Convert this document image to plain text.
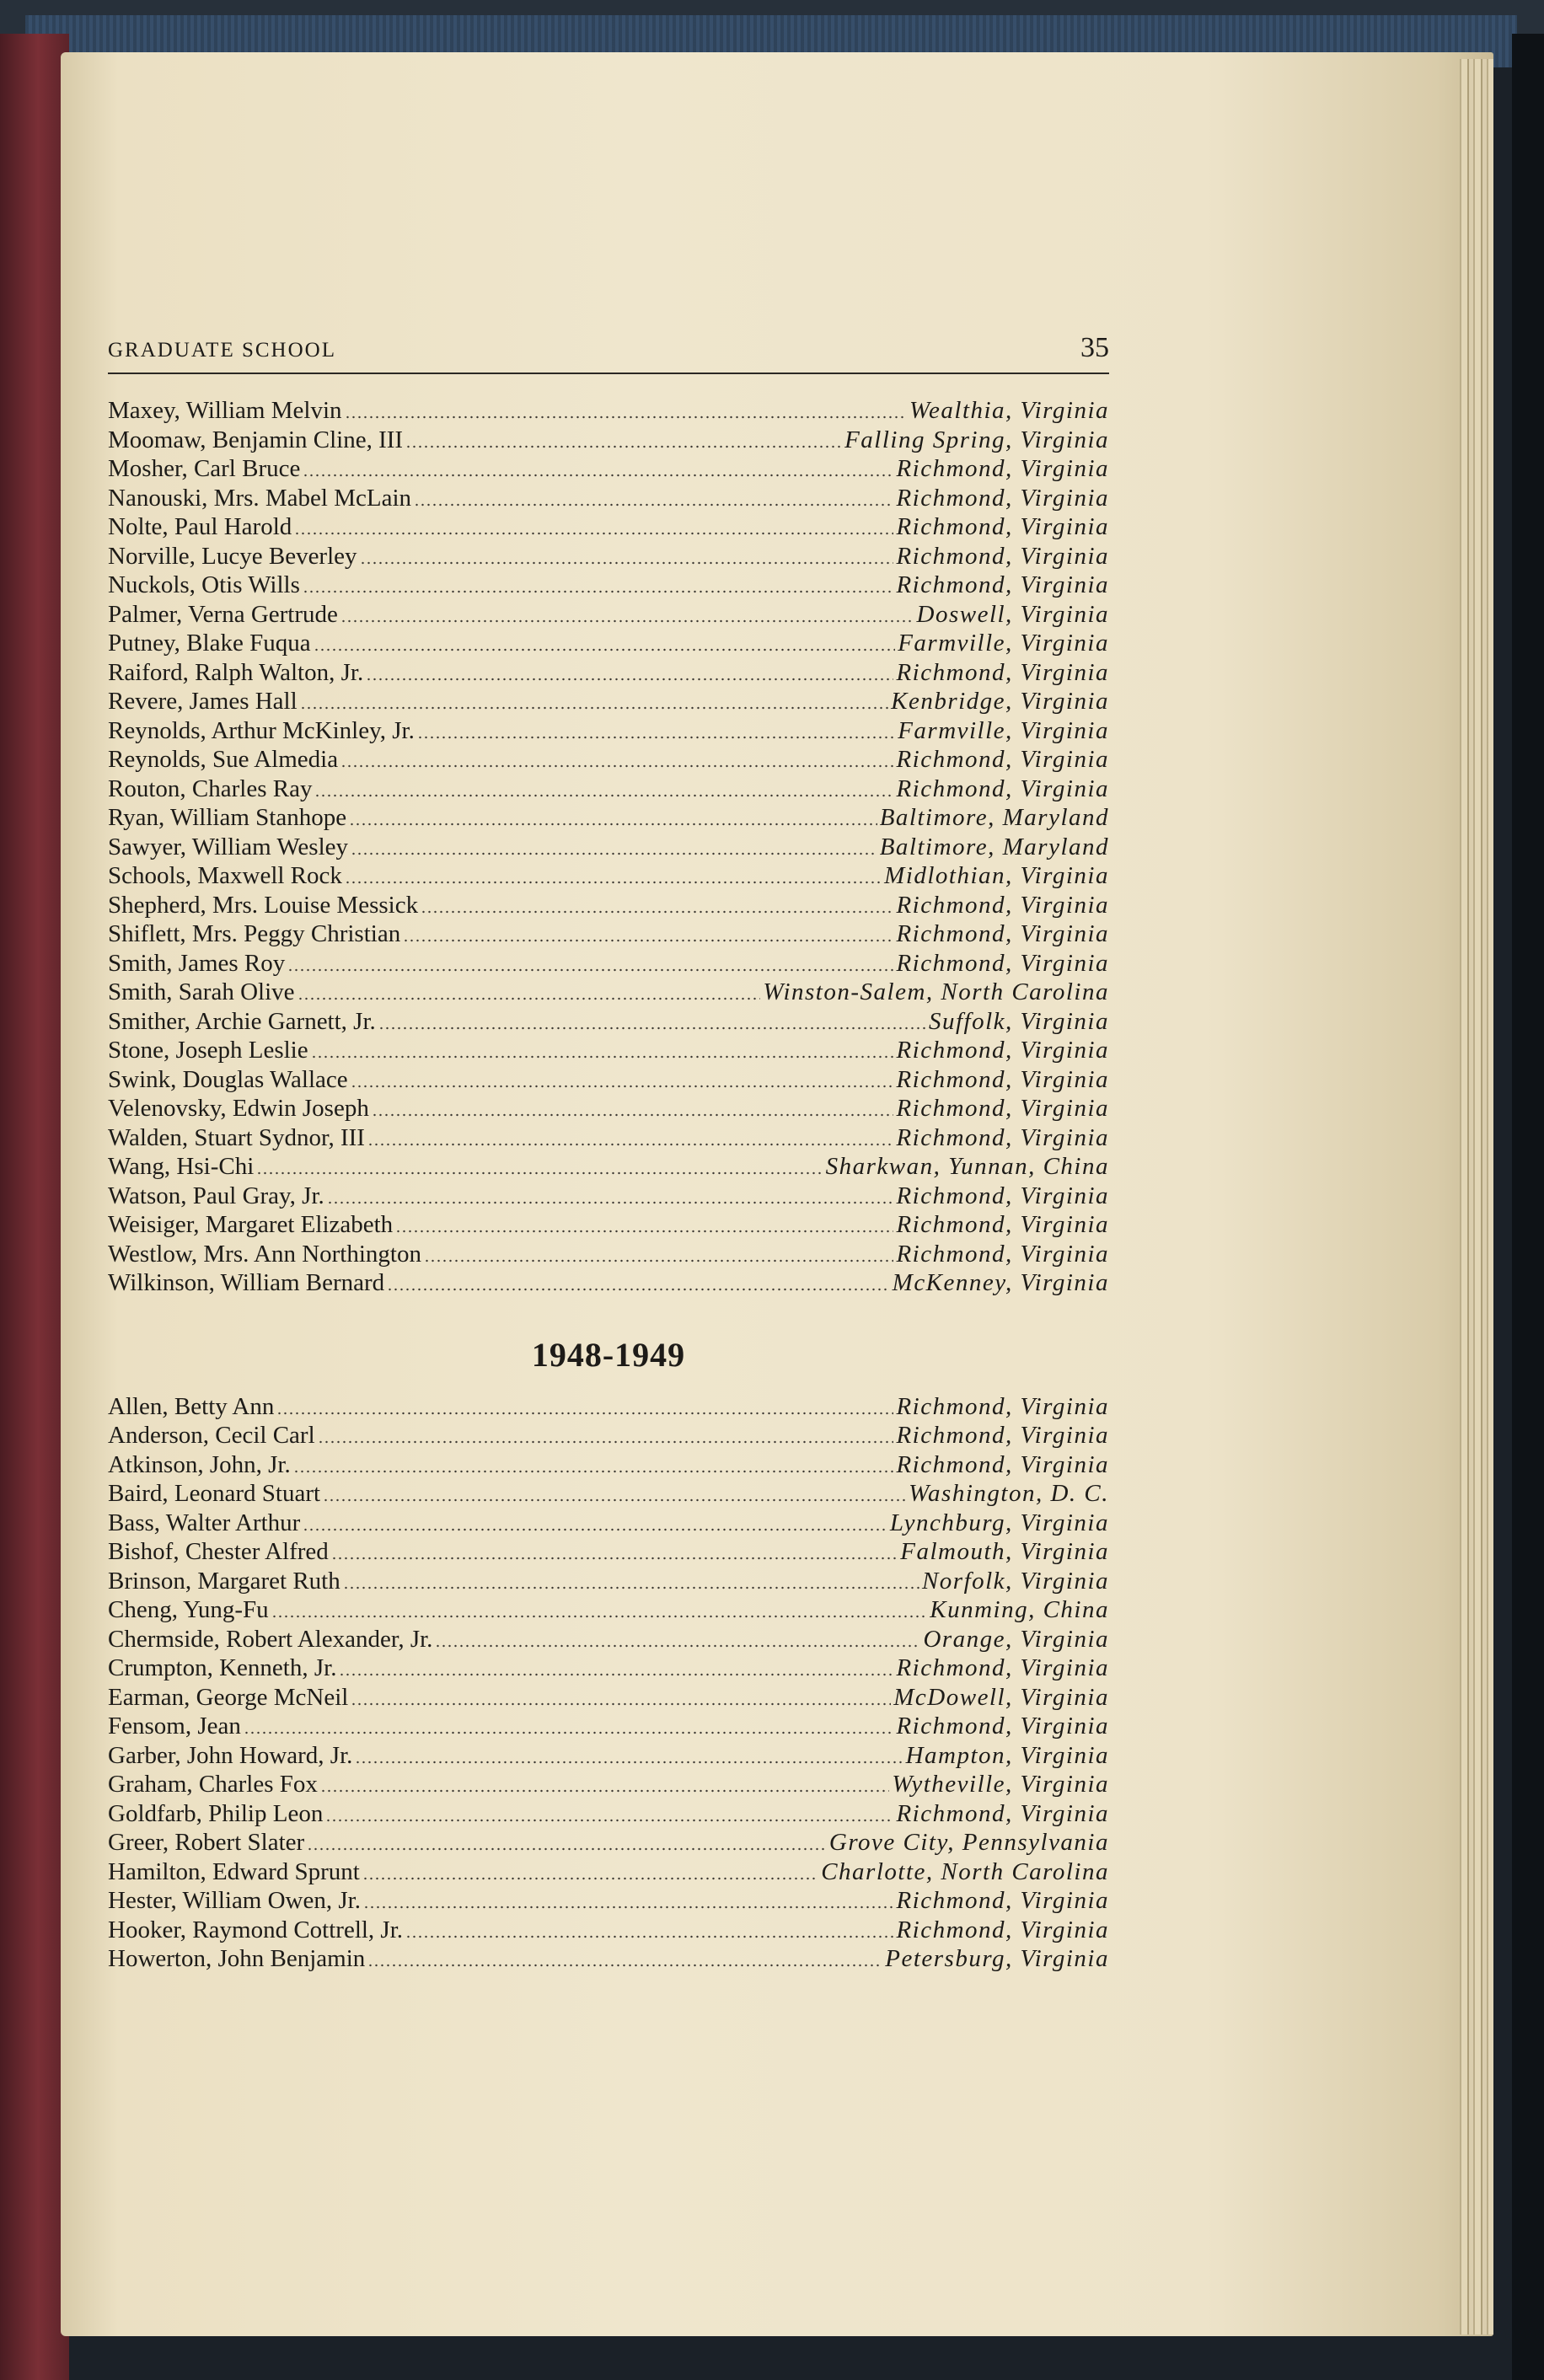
GRADUATE SCHOOL	35
Maxey, William Melvin	Wealthia, Virginia
Moomaw, Benjamin Cline, III	Falling Spring, Virginia
Mosher, Carl Bruce	Richmond, Virginia
Nanouski, Mrs. Mabel McLain	Richmond, Virginia
Nolte, Paul Harold	Richmond, Virginia
Norville, Lucye Beverley	Richmond, Virginia
Nuckols, Otis Wills	Richmond, Virginia
Palmer, Verna Gertrude	Doswell, Virginia
Putney, Blake Fuqua	Farmville, Virginia
Raiford, Ralph Walton, Jr.	Richmond, Virginia
Revere, James Hall	Kenbridge, Virginia
Reynolds, Arthur McKinley, Jr.	Farmville, Virginia
Reynolds, Sue Almedia	Richmond, Virginia
Routon, Charles Ray	Richmond, Virginia
Ryan, William Stanhope	Baltimore, Maryland
Sawyer, William Wesley	Baltimore, Maryland
Schools, Maxwell Rock	Midlothian, Virginia
Shepherd, Mrs. Louise Messick	Richmond, Virginia
Shiflett, Mrs. Peggy Christian	Richmond, Virginia
Smith, James Roy	Richmond, Virginia
Smith, Sarah Olive	Winston-Salem, North Carolina
Smither, Archie Garnett, Jr.	Suffolk, Virginia
Stone, Joseph Leslie	Richmond, Virginia
Swink, Douglas Wallace	Richmond, Virginia
Velenovsky, Edwin Joseph	Richmond, Virginia
Walden, Stuart Sydnor, III	Richmond, Virginia
Wang, Hsi-Chi	Sharkwan, Yunnan, China
Watson, Paul Gray, Jr.	Richmond, Virginia
Weisiger, Margaret Elizabeth	Richmond, Virginia
Westlow, Mrs. Ann Northington	Richmond, Virginia
Wilkinson, William Bernard	McKenney, Virginia
1948-1949
Allen, Betty Ann	Richmond, Virginia
Anderson, Cecil Carl	Richmond, Virginia
Atkinson, John, Jr.	Richmond, Virginia
Baird, Leonard Stuart	Washington, D. C.
Bass, Walter Arthur	Lynchburg, Virginia
Bishof, Chester Alfred	Falmouth, Virginia
Brinson, Margaret Ruth	Norfolk, Virginia
Cheng, Yung-Fu	Kunming, China
Chermside, Robert Alexander, Jr.	Orange, Virginia
Crumpton, Kenneth, Jr.	Richmond, Virginia
Earman, George McNeil	McDowell, Virginia
Fensom, Jean	Richmond, Virginia
Garber, John Howard, Jr.	Hampton, Virginia
Graham, Charles Fox	Wytheville, Virginia
Goldfarb, Philip Leon	Richmond, Virginia
Greer, Robert Slater	Grove City, Pennsylvania
Hamilton, Edward Sprunt	Charlotte, North Carolina
Hester, William Owen, Jr.	Richmond, Virginia
Hooker, Raymond Cottrell, Jr.	Richmond, Virginia
Howerton, John Benjamin	Petersburg, Virginia
